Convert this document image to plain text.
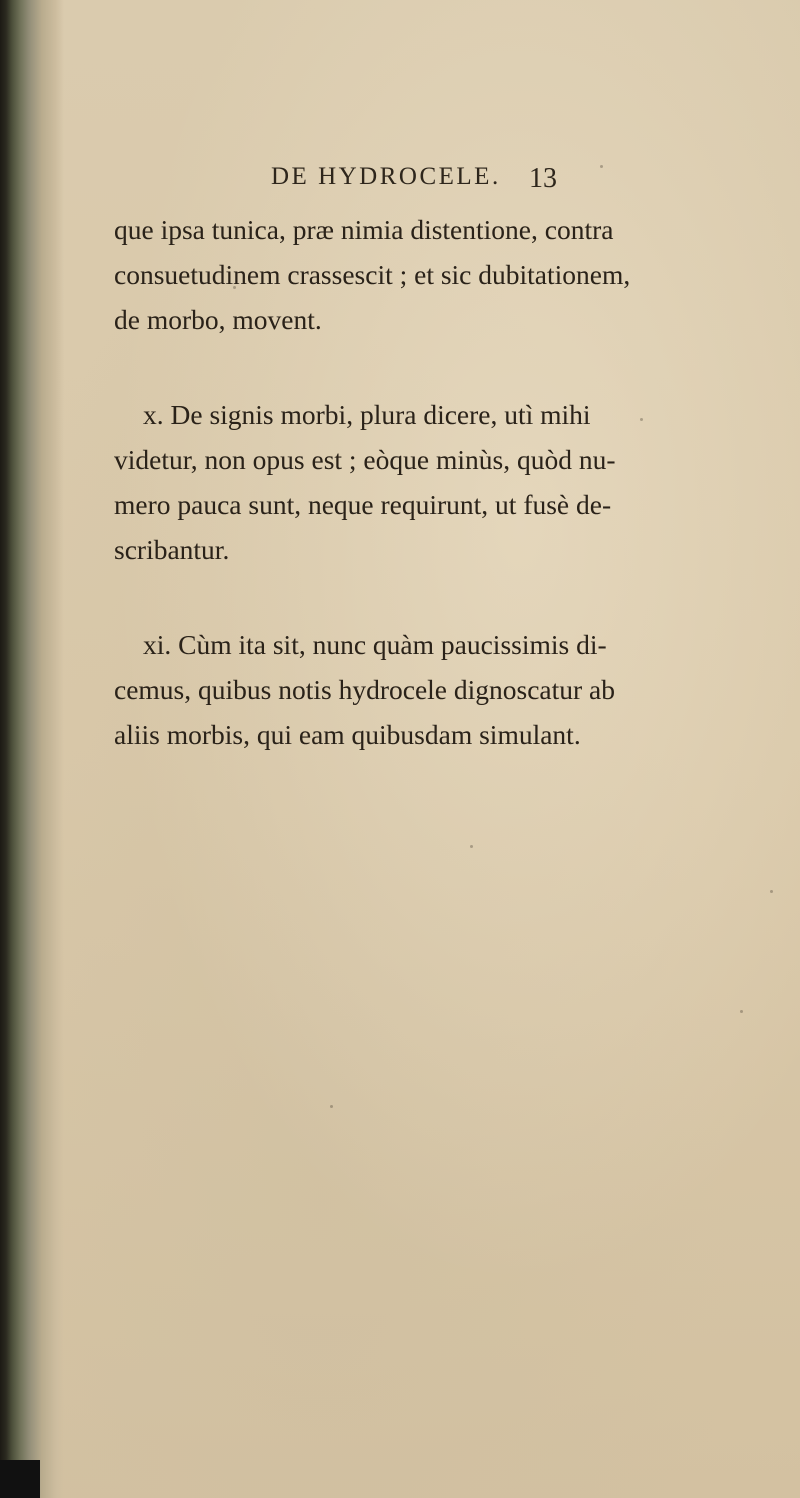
DE HYDROCELE. 13

que ipsa tunica, præ nimia distentione, contra
consuetudinem crassescit ; et sic dubitationem,
de morbo, movent.

x. De signis morbi, plura dicere, utì mihi
videtur, non opus est ; eòque minùs, quòd nu-
mero pauca sunt, neque requirunt, ut fusè de-
scribantur.

xi. Cùm ita sit, nunc quàm paucissimis di-
cemus, quibus notis hydrocele dignoscatur ab
aliis morbis, qui eam quibusdam simulant.
